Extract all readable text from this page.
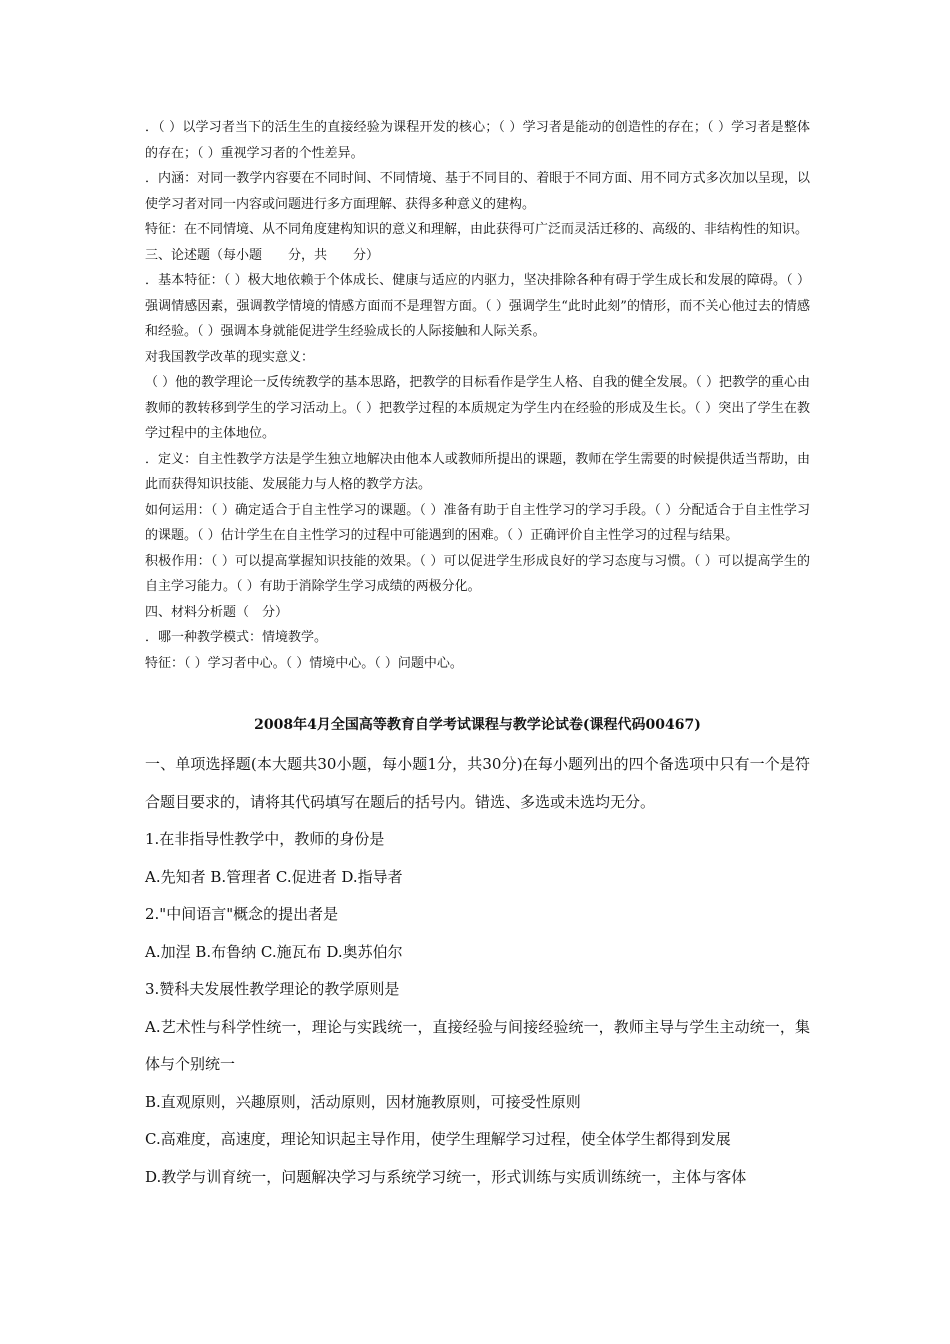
．（ ）以学习者当下的活生生的直接经验为课程开发的核心；（ ）学习者是能动的创造性的存在；（ ）学习者是整体的存在；（ ）重视学习者的个性差异。

．内涵：对同一教学内容要在不同时间、不同情境、基于不同目的、着眼于不同方面、用不同方式多次加以呈现，以使学习者对同一内容或问题进行多方面理解、获得多种意义的建构。

特征：在不同情境、从不同角度建构知识的意义和理解，由此获得可广泛而灵活迁移的、高级的、非结构性的知识。

三、论述题（每小题　　分，共　　分）

．基本特征：（ ）极大地依赖于个体成长、健康与适应的内驱力，坚决排除各种有碍于学生成长和发展的障碍。（ ）强调情感因素，强调教学情境的情感方面而不是理智方面。（ ）强调学生“此时此刻”的情形，而不关心他过去的情感和经验。（ ）强调本身就能促进学生经验成长的人际接触和人际关系。

对我国教学改革的现实意义：

（ ）他的教学理论一反传统教学的基本思路，把教学的目标看作是学生人格、自我的健全发展。（ ）把教学的重心由教师的教转移到学生的学习活动上。（ ）把教学过程的本质规定为学生内在经验的形成及生长。（ ）突出了学生在教学过程中的主体地位。

．定义：自主性教学方法是学生独立地解决由他本人或教师所提出的课题，教师在学生需要的时候提供适当帮助，由此而获得知识技能、发展能力与人格的教学方法。

如何运用：（ ）确定适合于自主性学习的课题。（ ）准备有助于自主性学习的学习手段。（ ）分配适合于自主性学习的课题。（ ）估计学生在自主性学习的过程中可能遇到的困难。（ ）正确评价自主性学习的过程与结果。

积极作用：（ ）可以提高掌握知识技能的效果。（ ）可以促进学生形成良好的学习态度与习惯。（ ）可以提高学生的自主学习能力。（ ）有助于消除学生学习成绩的两极分化。

四、材料分析题（　分）

．哪一种教学模式：情境教学。

特征：（ ）学习者中心。（ ）情境中心。（ ）问题中心。

2008年4月全国高等教育自学考试课程与教学论试卷(课程代码00467)

一、单项选择题(本大题共30小题，每小题1分，共30分)在每小题列出的四个备选项中只有一个是符合题目要求的，请将其代码填写在题后的括号内。错选、多选或未选均无分。

1.在非指导性教学中，教师的身份是

A.先知者 B.管理者 C.促进者 D.指导者

2."中间语言"概念的提出者是

A.加涅 B.布鲁纳 C.施瓦布 D.奥苏伯尔

3.赞科夫发展性教学理论的教学原则是

A.艺术性与科学性统一，理论与实践统一，直接经验与间接经验统一，教师主导与学生主动统一，集体与个别统一

B.直观原则，兴趣原则，活动原则，因材施教原则，可接受性原则

C.高难度，高速度，理论知识起主导作用，使学生理解学习过程，使全体学生都得到发展

D.教学与训育统一，问题解决学习与系统学习统一，形式训练与实质训练统一，主体与客体
